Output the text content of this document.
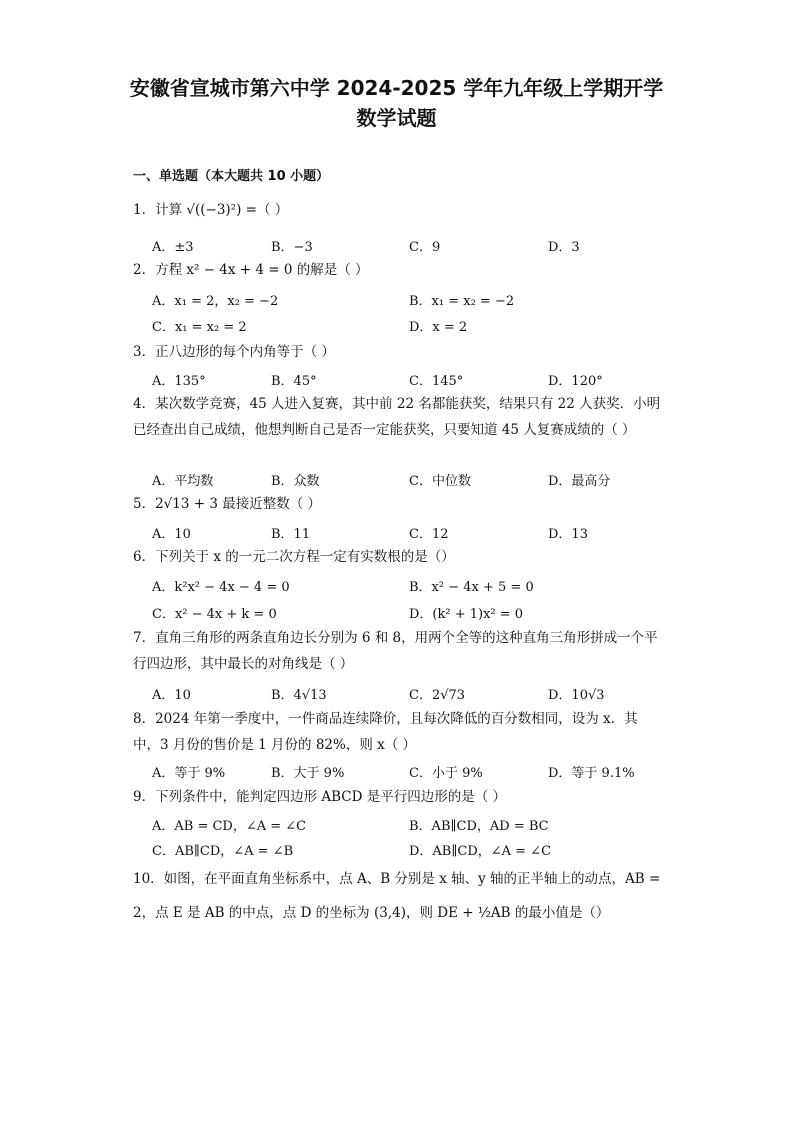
安徽省宣城市第六中学 2024-2025 学年九年级上学期开学
数学试题
一、单选题（本大题共 10 小题）
1．计算 √((−3)²) =（ ）
A．±3	B．−3	C．9	D．3
2．方程 x² − 4x + 4 = 0 的解是（ ）
A．x₁ = 2，x₂ = −2	B．x₁ = x₂ = −2
C．x₁ = x₂ = 2	D．x = 2
3．正八边形的每个内角等于（ ）
A．135°	B．45°	C．145°	D．120°
4．某次数学竞赛，45 人进入复赛，其中前 22 名都能获奖，结果只有 22 人获奖．小明已经查出自己成绩，他想判断自己是否一定能获奖，只要知道 45 人复赛成绩的（ ）
A．平均数	B．众数	C．中位数	D．最高分
5．2√13 + 3 最接近整数（ ）
A．10	B．11	C．12	D．13
6．下列关于 x 的一元二次方程一定有实数根的是（）
A．k²x² − 4x − 4 = 0	B．x² − 4x + 5 = 0
C．x² − 4x + k = 0	D．(k² + 1)x² = 0
7．直角三角形的两条直角边长分别为 6 和 8，用两个全等的这种直角三角形拼成一个平行四边形，其中最长的对角线是（ ）
A．10	B．4√13	C．2√73	D．10√3
8．2024 年第一季度中，一件商品连续降价，且每次降低的百分数相同，设为 x．其中，3 月份的售价是 1 月份的 82%，则 x（ ）
A．等于 9%	B．大于 9%	C．小于 9%	D．等于 9.1%
9．下列条件中，能判定四边形 ABCD 是平行四边形的是（ ）
A．AB = CD，∠A = ∠C	B．AB∥CD，AD = BC
C．AB∥CD，∠A = ∠B	D．AB∥CD，∠A = ∠C
10．如图，在平面直角坐标系中，点 A、B 分别是 x 轴、y 轴的正半轴上的动点，AB = 2，点 E 是 AB 的中点，点 D 的坐标为 (3,4)，则 DE + ½AB 的最小值是（）
